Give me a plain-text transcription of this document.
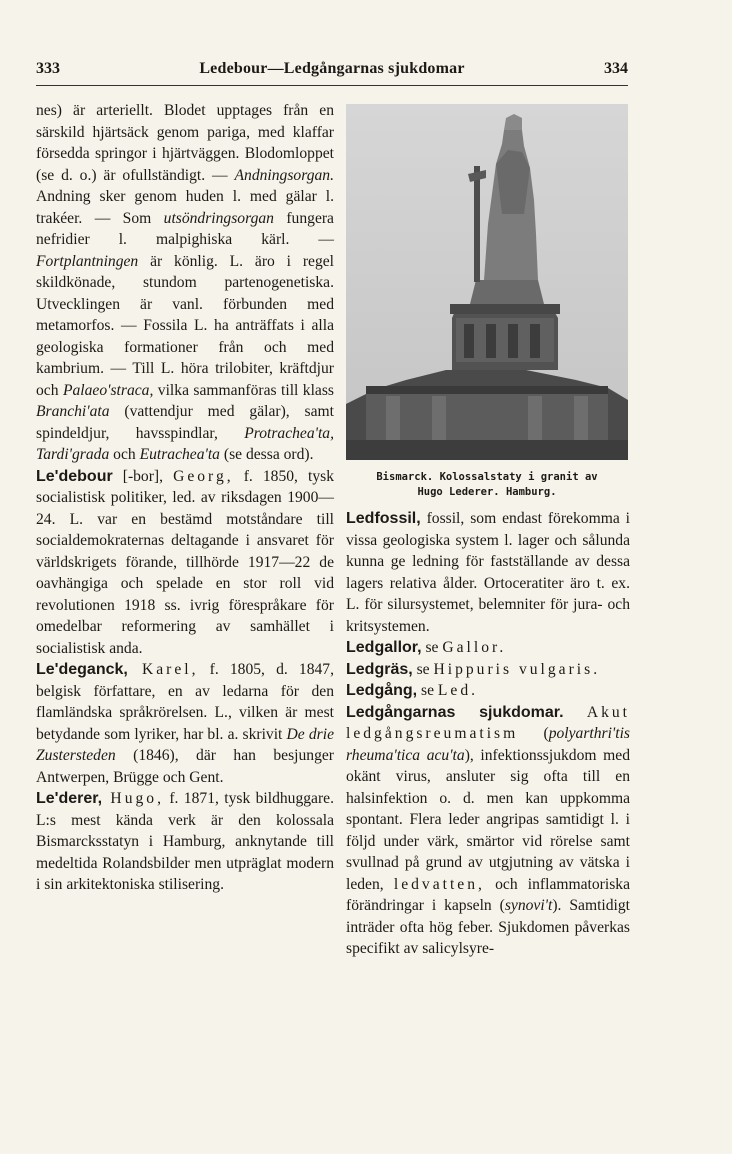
333	Ledebour—Ledgångarnas sjukdomar	334

nes) är arteriellt. Blodet upptages från en särskild hjärtsäck genom pariga, med klaffar försedda springor i hjärtväggen. Blodomloppet (se d. o.) är ofullständigt. — Andningsorgan. Andning sker genom huden l. med gälar l. trakéer. — Som utsöndringsorgan fungera nefridier l. malpighiska kärl. — Fortplantningen är könlig. L. äro i regel skildkönade, stundom partenogenetiska. Utvecklingen är vanl. förbunden med metamorfos. — Fossila L. ha anträffats i alla geologiska formationer från och med kambrium. — Till L. höra trilobiter, kräftdjur och Palaeo'straca, vilka sammanföras till klass Branchi'ata (vattendjur med gälar), samt spindeldjur, havsspindlar, Protrachea'ta, Tardi'grada och Eutrachea'ta (se dessa ord).

Le'debour [-bor], Georg, f. 1850, tysk socialistisk politiker, led. av riksdagen 1900—24. L. var en bestämd motståndare till socialdemokraternas deltagande i ansvaret för världskrigets förande, tillhörde 1917—22 de oavhängiga och spelade en stor roll vid revolutionen 1918 ss. ivrig förespråkare för omedelbar reformering av samhället i socialistisk anda.

Le'deganck, Karel, f. 1805, d. 1847, belgisk författare, en av ledarna för den flamländska språkrörelsen. L., vilken är mest betydande som lyriker, har bl. a. skrivit De drie Zustersteden (1846), där han besjunger Antwerpen, Brügge och Gent.

Le'derer, Hugo, f. 1871, tysk bildhuggare. L:s mest kända verk är den kolossala Bismarcksstatyn i Hamburg, anknytande till medeltida Rolandsbilder men utpräglat modern i sin arkitektoniska stilisering.

Bismarck. Kolossalstaty i granit av
Hugo Lederer. Hamburg.

Ledfossil, fossil, som endast förekomma i vissa geologiska system l. lager och sålunda kunna ge ledning för fastställande av dessa lagers relativa ålder. Ortoceratiter äro t. ex. L. för silursystemet, belemniter för jura- och kritsystemen.

Ledgallor, se Gallor.

Ledgräs, se Hippuris vulgaris.

Ledgång, se Led.

Ledgångarnas sjukdomar. Akut ledgångsreumatism (polyarthri'tis rheuma'tica acu'ta), infektionssjukdom med okänt virus, ansluter sig ofta till en halsinfektion o. d. men kan uppkomma spontant. Flera leder angripas samtidigt l. i följd under värk, smärtor vid rörelse samt svullnad på grund av utgjutning av vätska i leden, ledvatten, och inflammatoriska förändringar i kapseln (synovi't). Samtidigt inträder ofta hög feber. Sjukdomen påverkas specifikt av salicylsyre-
